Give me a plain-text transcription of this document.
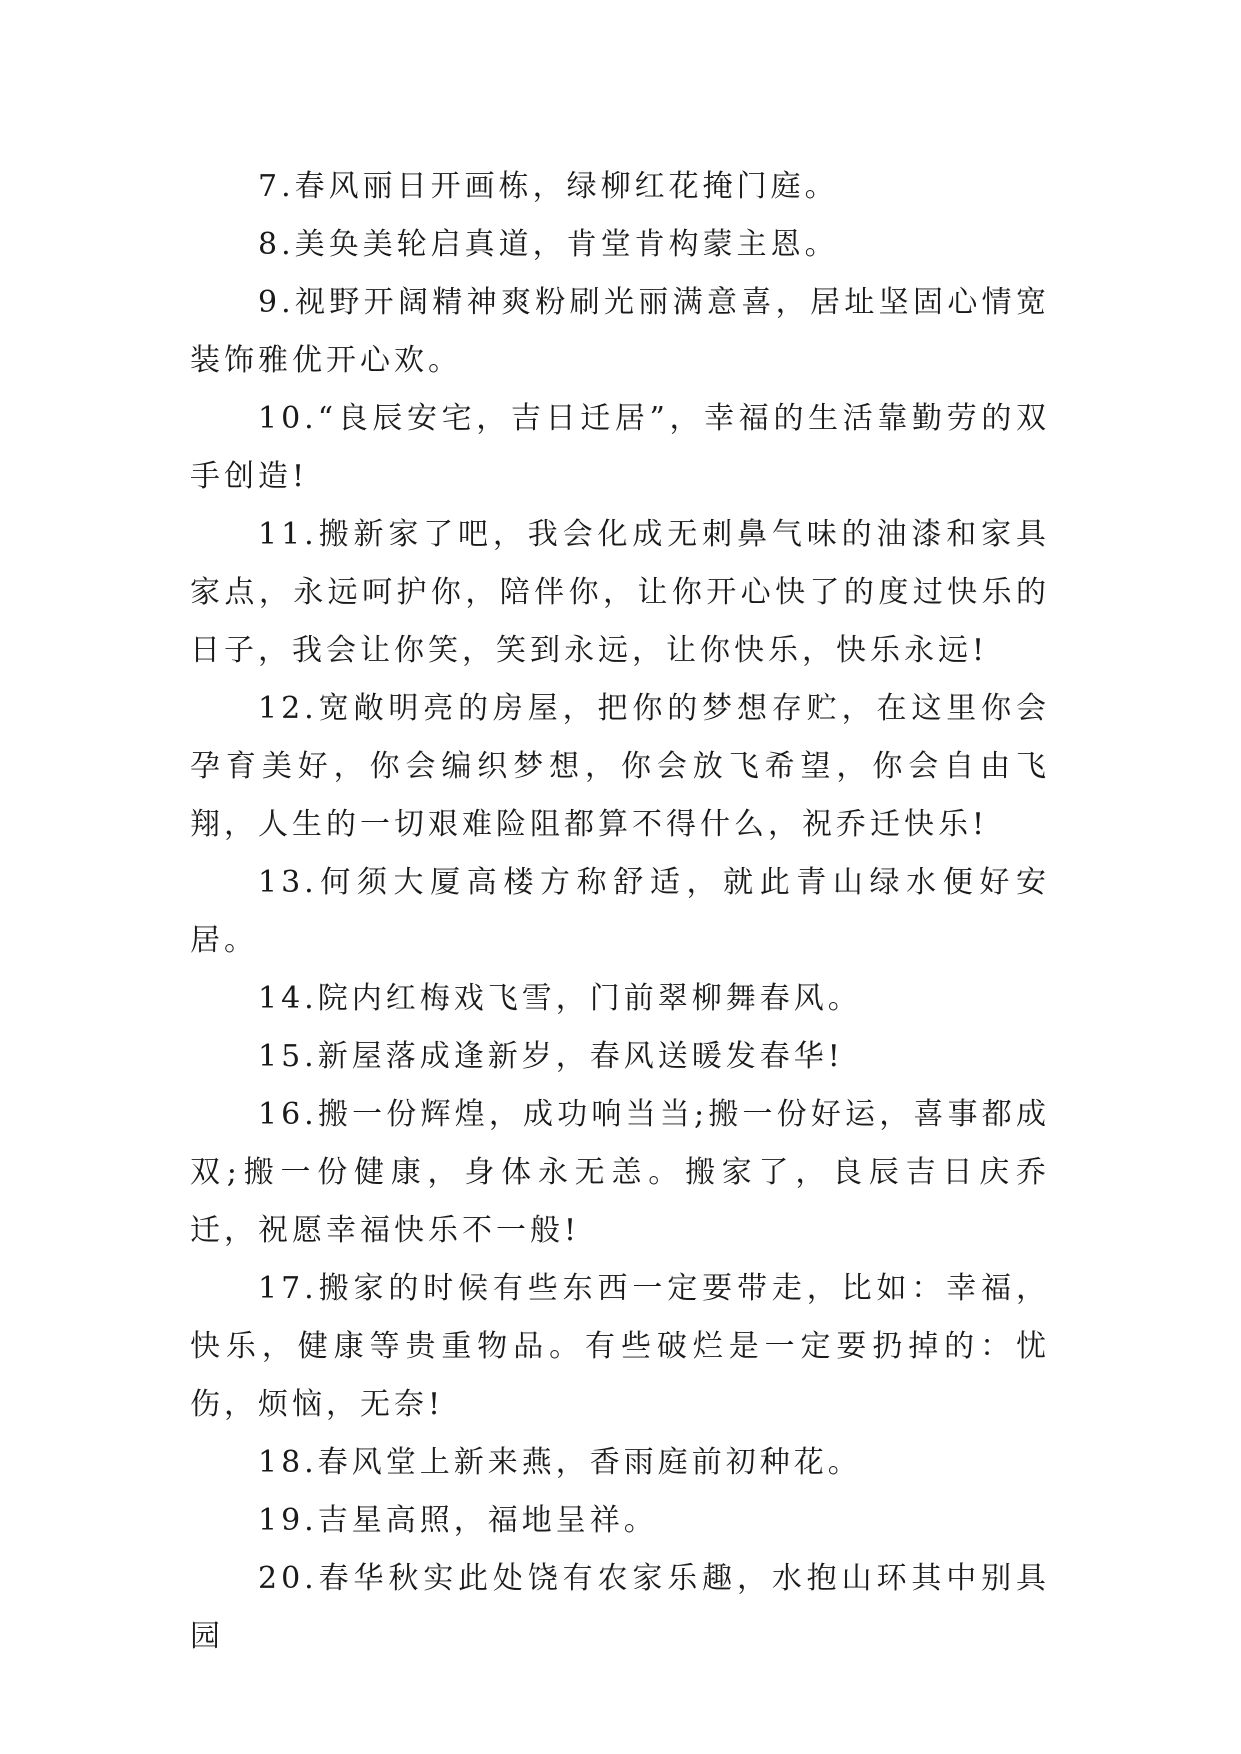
7.春风丽日开画栋，绿柳红花掩门庭。

8.美奂美轮启真道，肯堂肯构蒙主恩。

9.视野开阔精神爽粉刷光丽满意喜，居址坚固心情宽装饰雅优开心欢。

10.“良辰安宅，吉日迁居”，幸福的生活靠勤劳的双手创造!

11.搬新家了吧，我会化成无刺鼻气味的油漆和家具家点，永远呵护你，陪伴你，让你开心快了的度过快乐的日子，我会让你笑，笑到永远，让你快乐，快乐永远!

12.宽敞明亮的房屋，把你的梦想存贮，在这里你会孕育美好，你会编织梦想，你会放飞希望，你会自由飞翔，人生的一切艰难险阻都算不得什么，祝乔迁快乐!

13.何须大厦高楼方称舒适，就此青山绿水便好安居。

14.院内红梅戏飞雪，门前翠柳舞春风。

15.新屋落成逢新岁，春风送暖发春华!

16.搬一份辉煌，成功响当当;搬一份好运，喜事都成双;搬一份健康，身体永无恙。搬家了，良辰吉日庆乔迁，祝愿幸福快乐不一般!

17.搬家的时候有些东西一定要带走，比如：幸福，快乐，健康等贵重物品。有些破烂是一定要扔掉的：忧伤，烦恼，无奈!

18.春风堂上新来燕，香雨庭前初种花。

19.吉星高照，福地呈祥。

20.春华秋实此处饶有农家乐趣，水抱山环其中别具园
